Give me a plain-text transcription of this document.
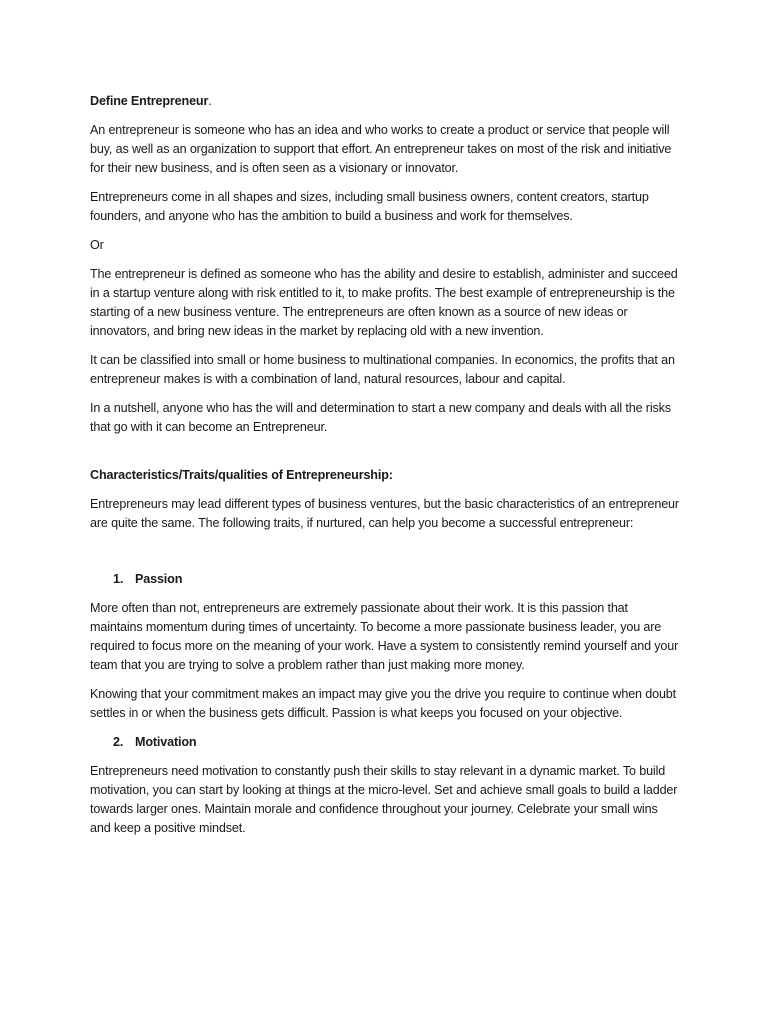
Define Entrepreneur.

An entrepreneur is someone who has an idea and who works to create a product or service that people will buy, as well as an organization to support that effort. An entrepreneur takes on most of the risk and initiative for their new business, and is often seen as a visionary or innovator.

Entrepreneurs come in all shapes and sizes, including small business owners, content creators, startup founders, and anyone who has the ambition to build a business and work for themselves.

Or

The entrepreneur is defined as someone who has the ability and desire to establish, administer and succeed in a startup venture along with risk entitled to it, to make profits. The best example of entrepreneurship is the starting of a new business venture. The entrepreneurs are often known as a source of new ideas or innovators, and bring new ideas in the market by replacing old with a new invention.

It can be classified into small or home business to multinational companies. In economics, the profits that an entrepreneur makes is with a combination of land, natural resources, labour and capital.

In a nutshell, anyone who has the will and determination to start a new company and deals with all the risks that go with it can become an Entrepreneur.

Characteristics/Traits/qualities of Entrepreneurship:

Entrepreneurs may lead different types of business ventures, but the basic characteristics of an entrepreneur are quite the same. The following traits, if nurtured, can help you become a successful entrepreneur:

1. Passion

More often than not, entrepreneurs are extremely passionate about their work. It is this passion that maintains momentum during times of uncertainty. To become a more passionate business leader, you are required to focus more on the meaning of your work. Have a system to consistently remind yourself and your team that you are trying to solve a problem rather than just making more money.

Knowing that your commitment makes an impact may give you the drive you require to continue when doubt settles in or when the business gets difficult. Passion is what keeps you focused on your objective.

2. Motivation

Entrepreneurs need motivation to constantly push their skills to stay relevant in a dynamic market. To build motivation, you can start by looking at things at the micro-level. Set and achieve small goals to build a ladder towards larger ones. Maintain morale and confidence throughout your journey. Celebrate your small wins and keep a positive mindset.
